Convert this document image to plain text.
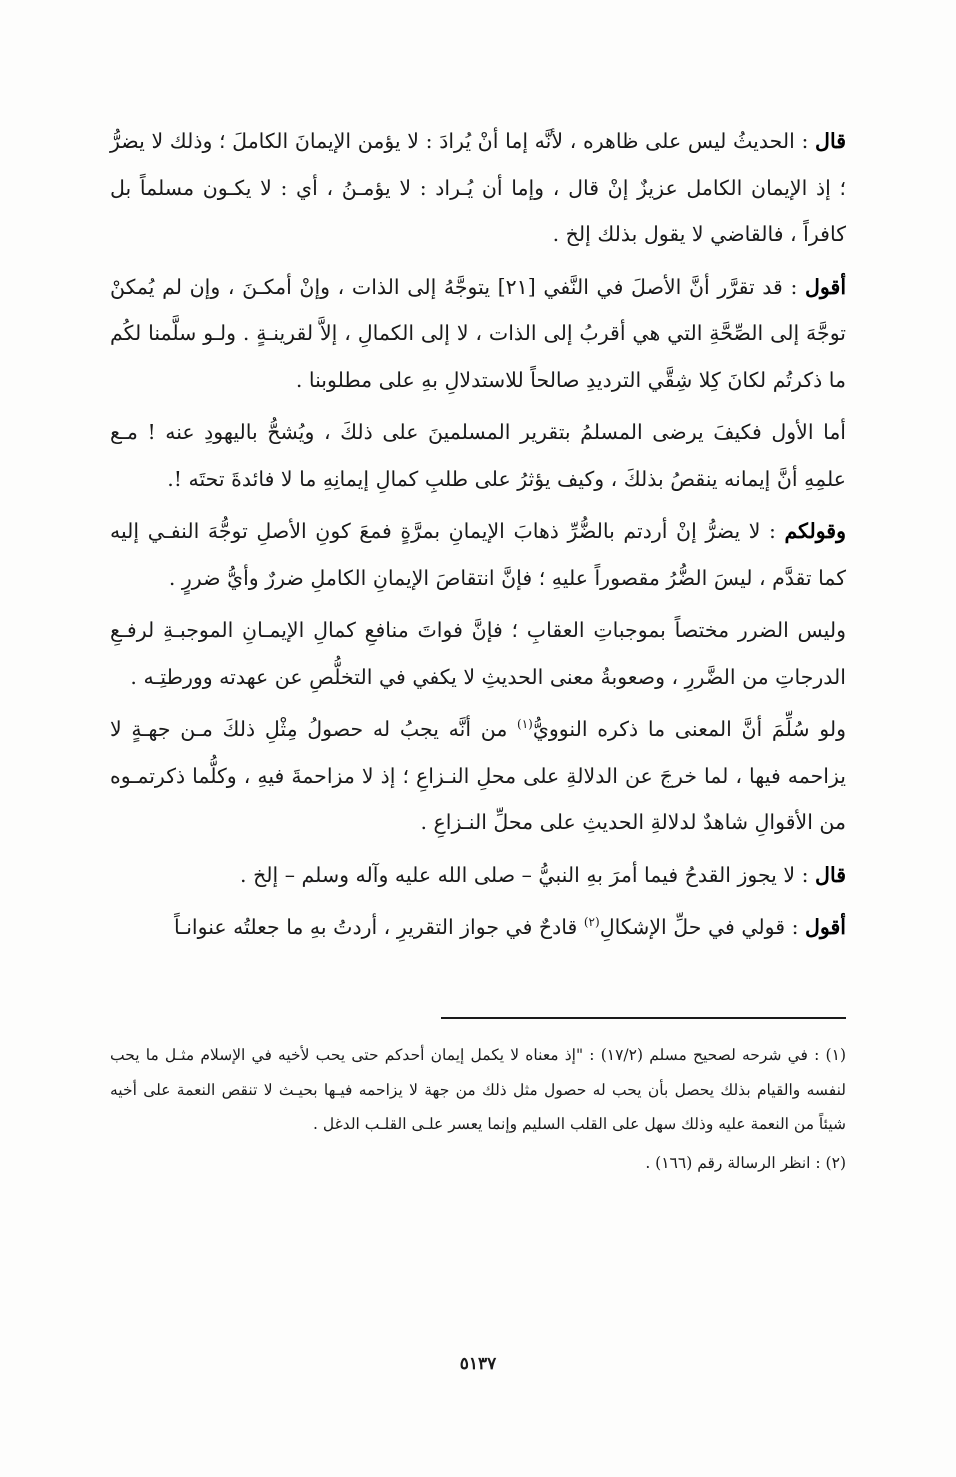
قال : الحديثُ ليس على ظاهره ، لأنَّه إما أنْ يُرادَ : لا يؤمن الإيمانَ الكاملَ ؛ وذلك لا يضرُّ ؛ إذ الإيمان الكامل عزيزٌ إنْ قال ، وإما أن يُـراد : لا يؤمـنُ ، أي : لا يكـون مسلماً بل كافراً ، فالقاضي لا يقول بذلك إلخ .

أقول : قد تقرَّر أنَّ الأصلَ في النَّفي [٢١] يتوجَّهُ إلى الذات ، وإنْ أمكـنَ ، وإن لم يُمكنْ توجَّهَ إلى الصِّحَّةِ التي هي أقربُ إلى الذات ، لا إلى الكمالِ ، إلاَّ لقرينـةٍ . ولـو سلَّمنا لكُم ما ذكرتُم لكانَ كِلا شِقَّي الترديدِ صالحاً للاستدلالِ بهِ على مطلوبنا .

أما الأول فكيفَ يرضى المسلمُ بتقرير المسلمينَ على ذلكَ ، ويُشحُّ باليهودِ عنه ! مـع علمِهِ أنَّ إيمانه ينقصُ بذلكَ ، وكيف يؤثرُ على طلبِ كمالِ إيمانِهِ ما لا فائدةَ تحتَه !.

وقولكم : لا يضرُّ إنْ أردتم بالضُّرِّ ذهابَ الإيمانِ بمرَّةٍ فمعَ كونِ الأصلِ توجُّهَ النفـي إليه كما تقدَّم ، ليسَ الضُّرُ مقصوراً عليهِ ؛ فإنَّ انتقاصَ الإيمانِ الكاملِ ضررٌ وأيُّ ضررٍ .

وليس الضرر مختصاً بموجباتِ العقابِ ؛ فإنَّ فواتَ منافعِ كمالِ الإيمـانِ الموجبـةِ لرفـعِ الدرجاتِ من الضَّررِ ، وصعوبةُ معنى الحديثِ لا يكفي في التخلُّصِ عن عهدته وورطتِـه .

ولو سُلِّمَ أنَّ المعنى ما ذكره النوويُّ$^{(١)}$ من أنَّه يجبُ له حصولُ مِثْلِ ذلكَ مـن جهـةٍ لا يزاحمه فيها ، لما خرجَ عن الدلالةِ على محلِ النـزاعِ ؛ إذ لا مزاحمةَ فيهِ ، وكلُّما ذكرتمـوه من الأقوالِ شاهدٌ لدلالةِ الحديثِ على محلِّ النـزاعِ .

قال : لا يجوز القدحُ فيما أمرَ بهِ النبيُّ – صلى الله عليه وآله وسلم – إلخ .

أقول : قولي في حلِّ الإشكالِ$^{(٢)}$ قادحٌ في جواز التقريرِ ، أردتُ بهِ ما جعلتُه عنوانـاً

(١) : في شرحه لصحيح مسلم (١٧/٢) : "إذ معناه لا يكمل إيمان أحدكم حتى يحب لأخيه في الإسلام مثـل ما يحب لنفسه والقيام بذلك يحصل بأن يحب له حصول مثل ذلك من جهة لا يزاحمه فيـها بحيـث لا تنقص النعمة على أخيه شيئاً من النعمة عليه وذلك سهل على القلب السليم وإنما يعسر علـى القلـب الدغل .

(٢) : انظر الرسالة رقم (١٦٦) .

٥١٣٧
